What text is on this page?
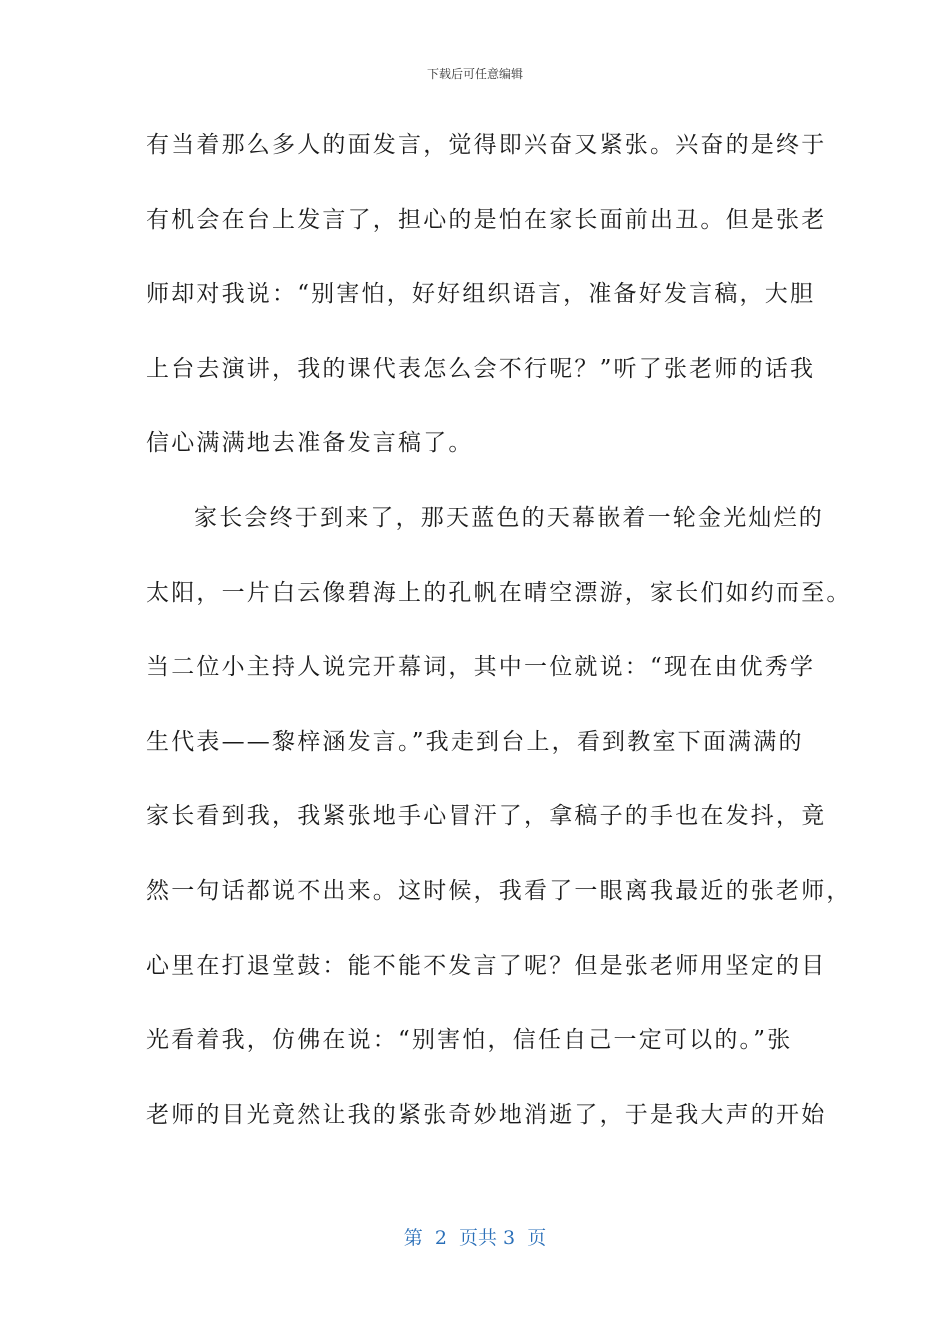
下载后可任意编辑
有当着那么多人的面发言，觉得即兴奋又紧张。兴奋的是终于
有机会在台上发言了，担心的是怕在家长面前出丑。但是张老
师却对我说：“别害怕，好好组织语言，准备好发言稿，大胆
上台去演讲，我的课代表怎么会不行呢？”听了张老师的话我
信心满满地去准备发言稿了。
家长会终于到来了，那天蓝色的天幕嵌着一轮金光灿烂的
太阳，一片白云像碧海上的孔帆在晴空漂游，家长们如约而至。
当二位小主持人说完开幕词，其中一位就说：“现在由优秀学
生代表——黎梓涵发言。”我走到台上，看到教室下面满满的
家长看到我，我紧张地手心冒汗了，拿稿子的手也在发抖，竟
然一句话都说不出来。这时候，我看了一眼离我最近的张老师，
心里在打退堂鼓：能不能不发言了呢？但是张老师用坚定的目
光看着我，仿佛在说：“别害怕，信任自己一定可以的。”张
老师的目光竟然让我的紧张奇妙地消逝了，于是我大声的开始
第  2  页共 3  页
